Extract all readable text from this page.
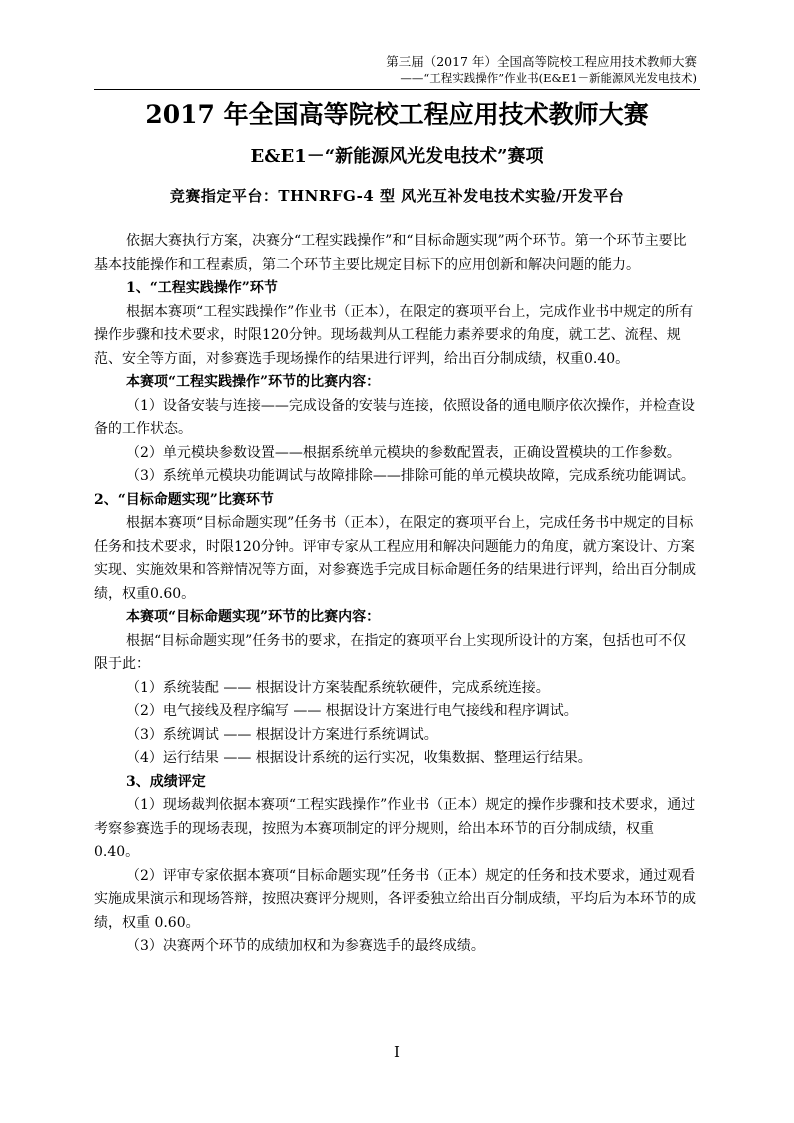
第三届（2017 年）全国高等院校工程应用技术教师大赛
——“工程实践操作”作业书(E&E1－新能源风光发电技术)
2017 年全国高等院校工程应用技术教师大赛
E&E1－“新能源风光发电技术”赛项
竞赛指定平台：THNRFG-4 型 风光互补发电技术实验/开发平台

依据大赛执行方案，决赛分“工程实践操作”和“目标命题实现”两个环节。第一个环节主要比基本技能操作和工程素质，第二个环节主要比规定目标下的应用创新和解决问题的能力。

1、“工程实践操作”环节

根据本赛项“工程实践操作”作业书（正本），在限定的赛项平台上，完成作业书中规定的所有操作步骤和技术要求，时限120分钟。现场裁判从工程能力素养要求的角度，就工艺、流程、规范、安全等方面，对参赛选手现场操作的结果进行评判，给出百分制成绩，权重0.40。

本赛项“工程实践操作”环节的比赛内容：

（1）设备安装与连接——完成设备的安装与连接，依照设备的通电顺序依次操作，并检查设备的工作状态。

（2）单元模块参数设置——根据系统单元模块的参数配置表，正确设置模块的工作参数。

（3）系统单元模块功能调试与故障排除——排除可能的单元模块故障，完成系统功能调试。

2、“目标命题实现”比赛环节

根据本赛项“目标命题实现”任务书（正本），在限定的赛项平台上，完成任务书中规定的目标任务和技术要求，时限120分钟。评审专家从工程应用和解决问题能力的角度，就方案设计、方案实现、实施效果和答辩情况等方面，对参赛选手完成目标命题任务的结果进行评判，给出百分制成绩，权重0.60。

本赛项“目标命题实现”环节的比赛内容：

根据“目标命题实现”任务书的要求，在指定的赛项平台上实现所设计的方案，包括也可不仅限于此：

（1）系统装配 —— 根据设计方案装配系统软硬件，完成系统连接。

（2）电气接线及程序编写 —— 根据设计方案进行电气接线和程序调试。

（3）系统调试 —— 根据设计方案进行系统调试。

（4）运行结果 —— 根据设计系统的运行实况，收集数据、整理运行结果。

3、成绩评定

（1）现场裁判依据本赛项“工程实践操作”作业书（正本）规定的操作步骤和技术要求，通过考察参赛选手的现场表现，按照为本赛项制定的评分规则，给出本环节的百分制成绩，权重 0.40。

（2）评审专家依据本赛项“目标命题实现”任务书（正本）规定的任务和技术要求，通过观看实施成果演示和现场答辩，按照决赛评分规则，各评委独立给出百分制成绩，平均后为本环节的成绩，权重 0.60。

（3）决赛两个环节的成绩加权和为参赛选手的最终成绩。

I
